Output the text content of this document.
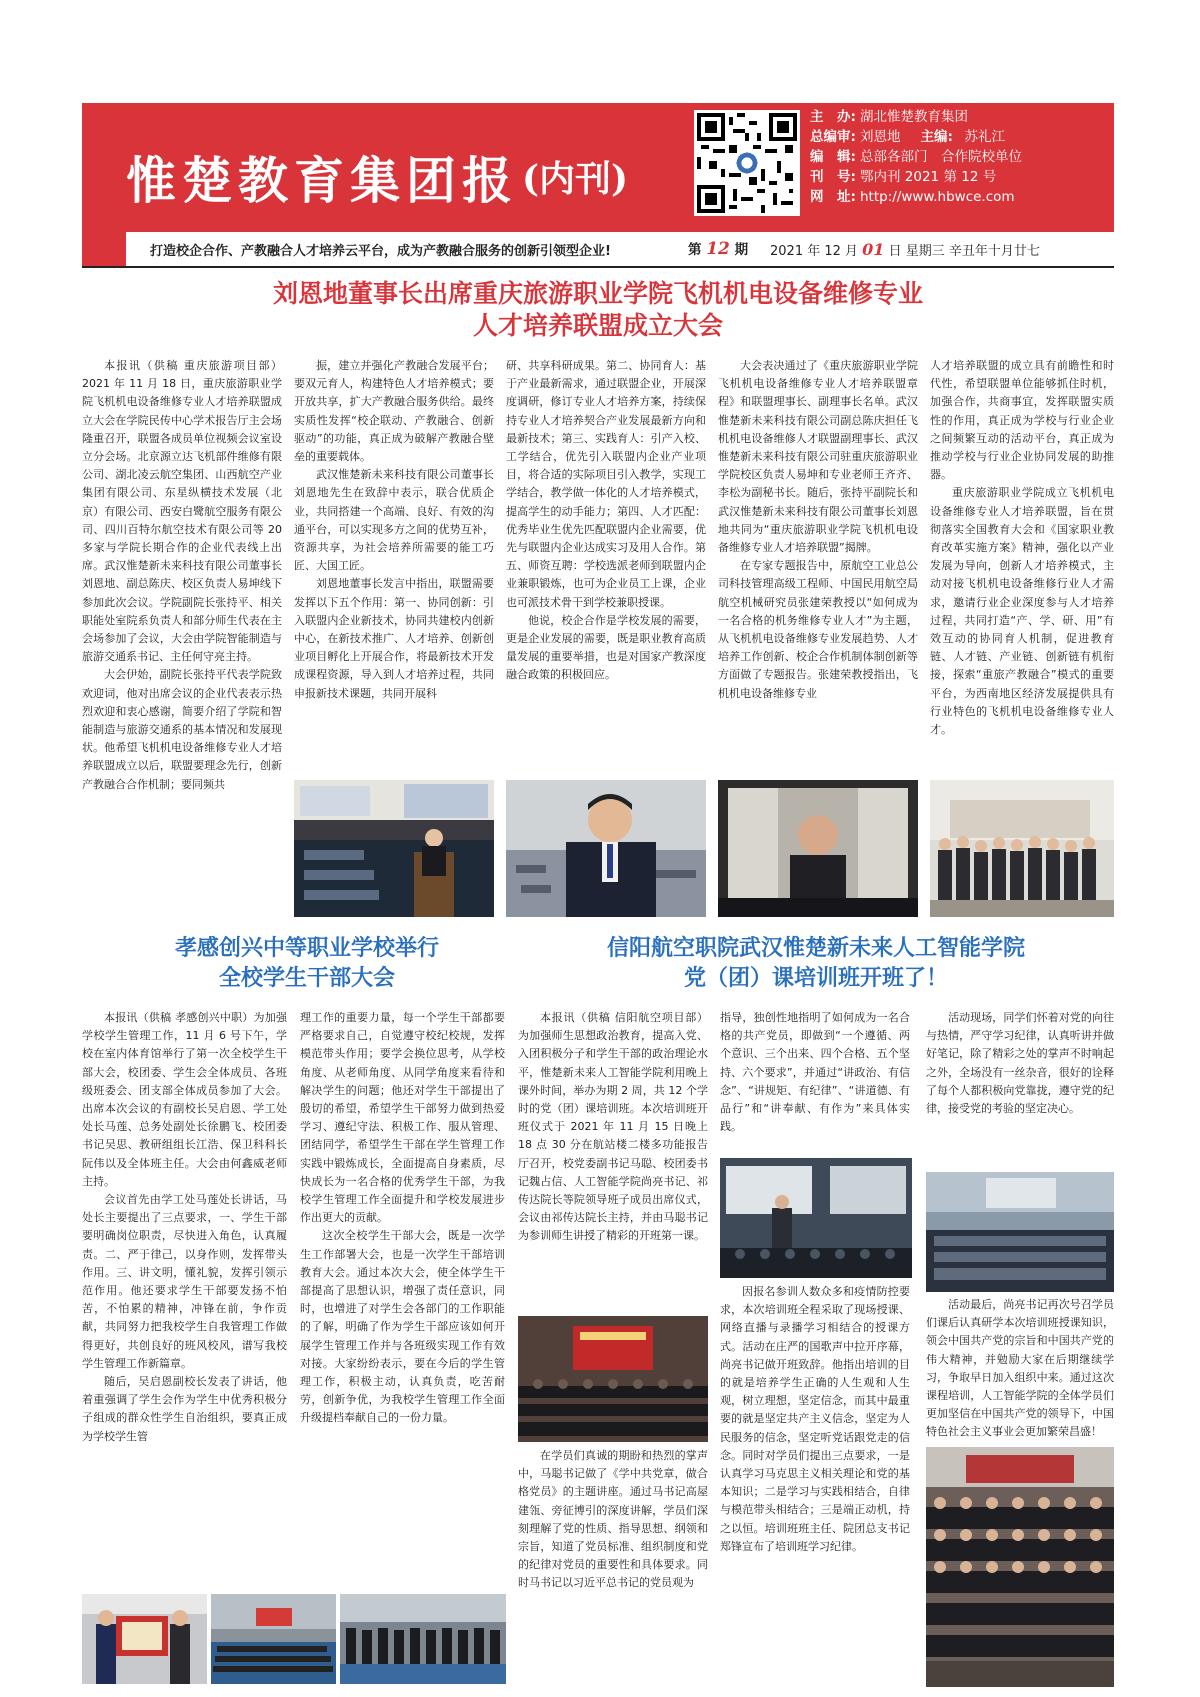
惟楚教育集团报 (内刊)
主　办: 湖北惟楚教育集团
总编审: 刘恩地 主编: 苏礼江
编　辑: 总部各部门　合作院校单位
刊　号: 鄂内刊 2021 第 12 号
网　址: http://www.hbwce.com
打造校企合作、产教融合人才培养云平台，成为产教融合服务的创新引领型企业!	第 12 期 2021 年 12 月 01 日 星期三 辛丑年十月廿七
刘恩地董事长出席重庆旅游职业学院飞机机电设备维修专业
人才培养联盟成立大会

本报讯（供稿 重庆旅游项目部）2021 年 11 月 18 日，重庆旅游职业学院飞机机电设备维修专业人才培养联盟成立大会在学院民传中心学术报告厅主会场隆重召开，联盟各成员单位视频会议室设立分会场。北京源立达飞机部件维修有限公司、湖北凌云航空集团、山西航空产业集团有限公司、东星纵横技术发展（北京）有限公司、西安白鹭航空服务有限公司、四川百特尔航空技术有限公司等 20 多家与学院长期合作的企业代表线上出席。武汉惟楚新未来科技有限公司董事长刘恩地、副总陈庆、校区负责人易坤线下参加此次会议。学院副院长张持平、相关职能处室院系负责人和部分师生代表在主会场参加了会议，大会由学院智能制造与旅游交通系书记、主任何守亮主持。

大会伊始，副院长张持平代表学院致欢迎词，他对出席会议的企业代表表示热烈欢迎和衷心感谢，简要介绍了学院和智能制造与旅游交通系的基本情况和发展现状。他希望飞机机电设备维修专业人才培养联盟成立以后，联盟要理念先行，创新产教融合合作机制；要同频共

振，建立并强化产教融合发展平台；要双元育人，构建特色人才培养模式；要开放共享，扩大产教融合服务供给。最终实质性发挥“校企联动、产教融合、创新驱动”的功能，真正成为破解产教融合壁垒的重要载体。

武汉惟楚新未来科技有限公司董事长刘恩地先生在致辞中表示，联合优质企业，共同搭建一个高端、良好、有效的沟通平台，可以实现多方之间的优势互补，资源共享，为社会培养所需要的能工巧匠、大国工匠。

刘恩地董事长发言中指出，联盟需要发挥以下五个作用：第一、协同创新：引入联盟内企业新技术，协同共建校内创新中心，在新技术推广、人才培养、创新创业项目孵化上开展合作，将最新技术开发成课程资源，导入到人才培养过程，共同申报新技术课题，共同开展科

研、共享科研成果。第二、协同育人：基于产业最新需求，通过联盟企业，开展深度调研，修订专业人才培养方案，持续保持专业人才培养契合产业发展最新方向和最新技术；第三、实践育人：引产入校、工学结合，优先引入联盟内企业产业项目，将合适的实际项目引入教学，实现工学结合，教学做一体化的人才培养模式，提高学生的动手能力；第四、人才匹配：优秀毕业生优先匹配联盟内企业需要，优先与联盟内企业达成实习及用人合作。第五、师资互聘：学校选派老师到联盟内企业兼职锻炼，也可为企业员工上课，企业也可派技术骨干到学校兼职授课。

他说，校企合作是学校发展的需要，更是企业发展的需要，既是职业教育高质量发展的重要举措，也是对国家产教深度融合政策的积极回应。

大会表决通过了《重庆旅游职业学院飞机机电设备维修专业人才培养联盟章程》和联盟理事长、副理事长名单。武汉惟楚新未来科技有限公司副总陈庆担任飞机机电设备维修人才联盟副理事长、武汉惟楚新未来科技有限公司驻重庆旅游职业学院校区负责人易坤和专业老师王齐齐、李松为副秘书长。随后，张持平副院长和武汉惟楚新未来科技有限公司董事长刘恩地共同为“重庆旅游职业学院飞机机电设备维修专业人才培养联盟”揭牌。

在专家专题报告中，原航空工业总公司科技管理高级工程师、中国民用航空局航空机械研究员张建荣教授以“如何成为一名合格的机务维修专业人才”为主题，从飞机机电设备维修专业发展趋势、人才培养工作创新、校企合作机制体制创新等方面做了专题报告。张建荣教授指出，飞机机电设备维修专业

人才培养联盟的成立具有前瞻性和时代性，希望联盟单位能够抓住时机，加强合作，共商事宜，发挥联盟实质性的作用，真正成为学校与行业企业之间频繁互动的活动平台，真正成为推动学校与行业企业协同发展的助推器。

重庆旅游职业学院成立飞机机电设备维修专业人才培养联盟，旨在贯彻落实全国教育大会和《国家职业教育改革实施方案》精神，强化以产业发展为导向，创新人才培养模式，主动对接飞机机电设备维修行业人才需求，邀请行业企业深度参与人才培养过程，共同打造“产、学、研、用”有效互动的协同育人机制，促进教育链、人才链、产业链、创新链有机衔接，探索“重旅产教融合”模式的重要平台，为西南地区经济发展提供具有行业特色的飞机机电设备维修专业人才。

孝感创兴中等职业学校举行
全校学生干部大会

本报讯（供稿 孝感创兴中职）为加强学校学生管理工作，11 月 6 号下午，学校在室内体育馆举行了第一次全校学生干部大会，校团委、学生会全体成员、各班级班委会、团支部全体成员参加了大会。出席本次会议的有副校长吴启恩、学工处处长马莲、总务处副处长徐鹏飞、校团委书记吴思、教研组组长江浩、保卫科科长阮伟以及全体班主任。大会由何鑫威老师主持。

会议首先由学工处马莲处长讲话，马处长主要提出了三点要求，一、学生干部要明确岗位职责，尽快进入角色，认真履责。二、严于律己，以身作则，发挥带头作用。三、讲文明，懂礼貌，发挥引领示范作用。他还要求学生干部要发扬不怕苦，不怕累的精神，冲锋在前，争作贡献，共同努力把我校学生自我管理工作做得更好，共创良好的班风校风，谱写我校学生管理工作新篇章。

随后，吴启恩副校长发表了讲话，他着重强调了学生会作为学生中优秀积极分子组成的群众性学生自治组织，要真正成为学校学生管

理工作的重要力量，每一个学生干部都要严格要求自己，自觉遵守校纪校规，发挥模范带头作用；要学会换位思考，从学校角度、从老师角度、从同学角度来看待和解决学生的问题；他还对学生干部提出了殷切的希望，希望学生干部努力做到热爱学习、遵纪守法、积极工作、服从管理、团结同学，希望学生干部在学生管理工作实践中锻炼成长，全面提高自身素质，尽快成长为一名合格的优秀学生干部，为我校学生管理工作全面提升和学校发展进步作出更大的贡献。

这次全校学生干部大会，既是一次学生工作部署大会，也是一次学生干部培训教育大会。通过本次大会，使全体学生干部提高了思想认识，增强了责任意识，同时，也增进了对学生会各部门的工作职能的了解，明确了作为学生干部应该如何开展学生管理工作并与各班级实现工作有效对接。大家纷纷表示，要在今后的学生管理工作，积极主动，认真负责，吃苦耐劳，创新争优，为我校学生管理工作全面升级提档奉献自己的一份力量。

信阳航空职院武汉惟楚新未来人工智能学院
党（团）课培训班开班了！

本报讯（供稿 信阳航空项目部）为加强师生思想政治教育，提高入党、入团积极分子和学生干部的政治理论水平，惟楚新未来人工智能学院利用晚上课外时间，举办为期 2 周，共 12 个学时的党（团）课培训班。本次培训班开班仪式于 2021 年 11 月 15 日晚上 18 点 30 分在航站楼二楼多功能报告厅召开，校党委副书记马聪、校团委书记魏占信、人工智能学院尚亮书记、祁传达院长等院领导班子成员出席仪式，会议由祁传达院长主持，并由马聪书记为参训师生讲授了精彩的开班第一课。

在学员们真诚的期盼和热烈的掌声中，马聪书记做了《学中共党章，做合格党员》的主题讲座。通过马书记高屋建瓴、旁征博引的深度讲解，学员们深刻理解了党的性质、指导思想、纲领和宗旨，知道了党员标准、组织制度和党的纪律对党员的重要性和具体要求。同时马书记以习近平总书记的党员观为

指导，独创性地指明了如何成为一名合格的共产党员，即做到“一个遵循、两个意识、三个出来、四个合格、五个坚持、六个要求”，并通过“讲政治、有信念”、“讲规矩、有纪律”、“讲道德、有品行”和“讲奉献、有作为”来具体实践。

因报名参训人数众多和疫情防控要求，本次培训班全程采取了现场授课、网络直播与录播学习相结合的授课方式。活动在庄严的国歌声中拉开序幕，尚亮书记做开班致辞。他指出培训的目的就是培养学生正确的人生观和人生观，树立理想，坚定信念，而其中最重要的就是坚定共产主义信念，坚定为人民服务的信念，坚定听党话跟党走的信念。同时对学员们提出三点要求，一是认真学习马克思主义相关理论和党的基本知识；二是学习与实践相结合，自律与模范带头相结合；三是端正动机，持之以恒。培训班班主任、院团总支书记郑锋宣布了培训班学习纪律。

活动现场，同学们怀着对党的向往与热情，严守学习纪律，认真听讲并做好笔记，除了精彩之处的掌声不时响起之外，全场没有一丝杂音，很好的诠释了每个人都积极向党靠拢，遵守党的纪律，接受党的考验的坚定决心。

活动最后，尚亮书记再次号召学员们课后认真研学本次培训班授课知识，领会中国共产党的宗旨和中国共产党的伟大精神，并勉励大家在后期继续学习，争取早日加入组织中来。通过这次课程培训，人工智能学院的全体学员们更加坚信在中国共产党的领导下，中国特色社会主义事业会更加繁荣昌盛！
